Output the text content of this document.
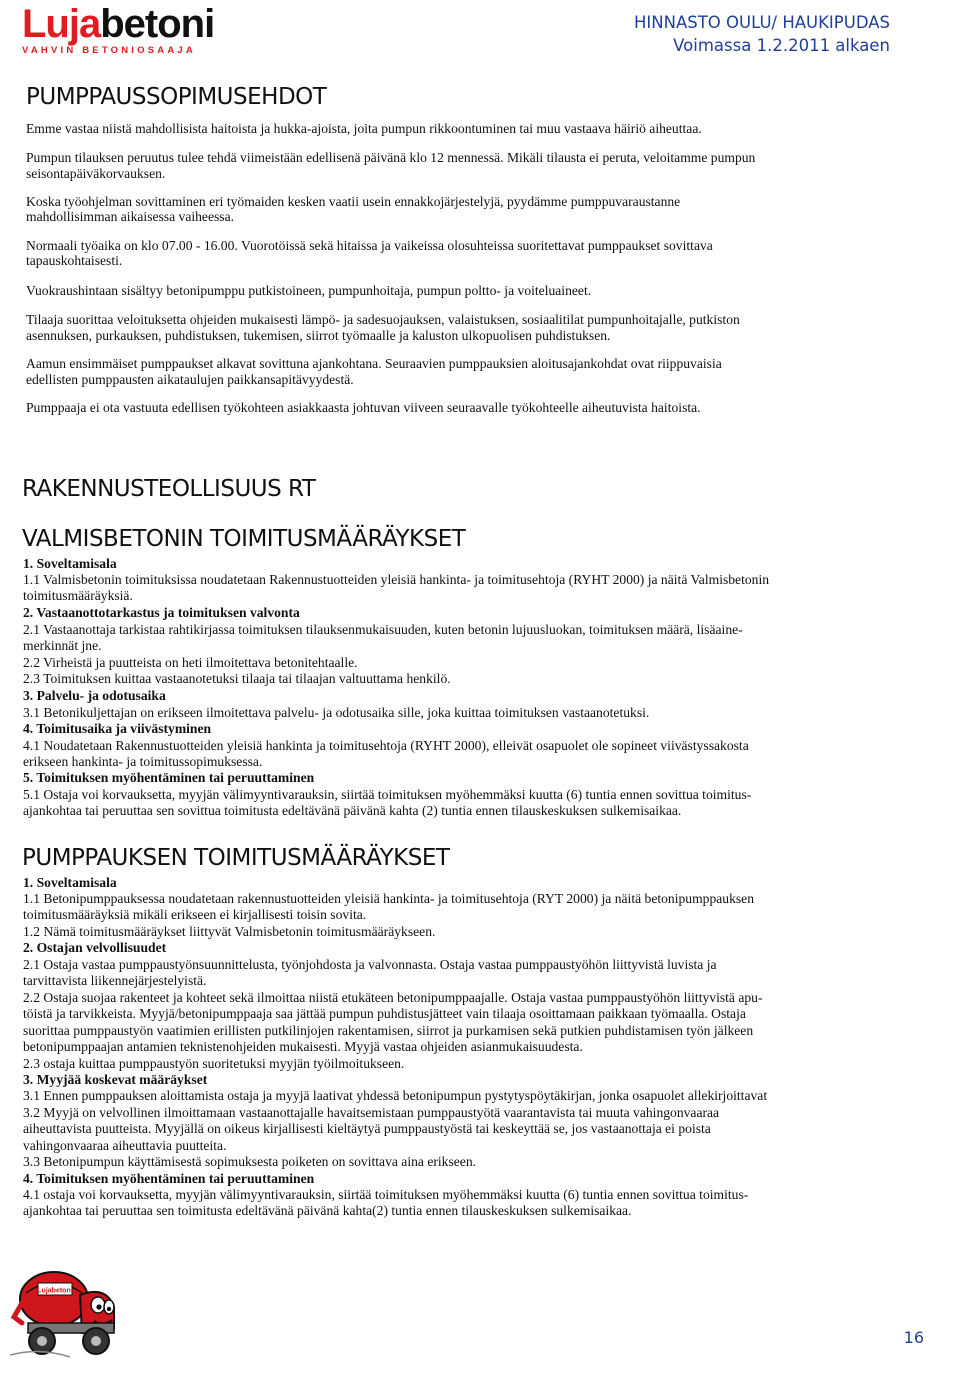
Lujabetoni
VAHVIN BETONIOSAAJA
HINNASTO OULU/ HAUKIPUDAS
Voimassa 1.2.2011 alkaen
PUMPPAUSSOPIMUSEHDOT
Emme vastaa niistä mahdollisista haitoista ja hukka-ajoista, joita pumpun rikkoontuminen tai muu vastaava häiriö aiheuttaa.
Pumpun tilauksen peruutus tulee tehdä viimeistään edellisenä päivänä klo 12 mennessä. Mikäli tilausta ei peruta, veloitamme pumpun
seisontapäiväkorvauksen.
Koska työohjelman sovittaminen eri työmaiden kesken vaatii usein ennakkojärjestelyjä, pyydämme pumppuvaraustanne
mahdollisimman aikaisessa vaiheessa.
Normaali työaika on klo 07.00 - 16.00. Vuorotöissä sekä hitaissa ja vaikeissa olosuhteissa suoritettavat pumppaukset sovittava
tapauskohtaisesti.
Vuokraushintaan sisältyy betonipumppu putkistoineen, pumpunhoitaja, pumpun poltto- ja voiteluaineet.
Tilaaja suorittaa veloituksetta ohjeiden mukaisesti lämpö- ja sadesuojauksen, valaistuksen, sosiaalitilat pumpunhoitajalle, putkiston
asennuksen, purkauksen, puhdistuksen, tukemisen, siirrot työmaalle ja kaluston ulkopuolisen puhdistuksen.
Aamun ensimmäiset pumppaukset alkavat sovittuna ajankohtana. Seuraavien pumppauksien aloitusajankohdat ovat riippuvaisia
edellisten pumppausten aikataulujen paikkansapitävyydestä.
Pumppaaja ei ota vastuuta edellisen työkohteen asiakkaasta johtuvan viiveen seuraavalle työkohteelle aiheutuvista haitoista.
RAKENNUSTEOLLISUUS RT
VALMISBETONIN TOIMITUSMÄÄRÄYKSET
1. Soveltamisala
1.1 Valmisbetonin toimituksissa noudatetaan Rakennustuotteiden yleisiä hankinta- ja toimitusehtoja (RYHT 2000) ja näitä Valmisbetonin
toimitusmääräyksiä.
2. Vastaanottotarkastus ja toimituksen valvonta
2.1 Vastaanottaja tarkistaa rahtikirjassa toimituksen tilauksenmukaisuuden, kuten betonin lujuusluokan, toimituksen määrä, lisäaine-
merkinnät jne.
2.2 Virheistä ja puutteista on heti ilmoitettava betonitehtaalle.
2.3 Toimituksen kuittaa vastaanotetuksi tilaaja tai tilaajan valtuuttama henkilö.
3. Palvelu- ja odotusaika
3.1 Betonikuljettajan on erikseen ilmoitettava palvelu- ja odotusaika sille, joka kuittaa toimituksen vastaanotetuksi.
4. Toimitusaika ja viivästyminen
4.1 Noudatetaan Rakennustuotteiden yleisiä hankinta ja toimitusehtoja (RYHT 2000), elleivät osapuolet ole sopineet viivästyssakosta
erikseen hankinta- ja toimitussopimuksessa.
5. Toimituksen myöhentäminen tai peruuttaminen
5.1 Ostaja voi korvauksetta, myyjän välimyyntivarauksin, siirtää toimituksen myöhemmäksi kuutta (6) tuntia ennen sovittua toimitus-
ajankohtaa tai peruuttaa sen sovittua toimitusta edeltävänä päivänä kahta (2) tuntia ennen tilauskeskuksen sulkemisaikaa.
PUMPPAUKSEN TOIMITUSMÄÄRÄYKSET
1. Soveltamisala
1.1 Betonipumppauksessa noudatetaan rakennustuotteiden yleisiä hankinta- ja toimitusehtoja (RYT 2000) ja näitä betonipumppauksen
toimitusmääräyksiä mikäli erikseen ei kirjallisesti toisin sovita.
1.2 Nämä toimitusmääräykset liittyvät Valmisbetonin toimitusmääräykseen.
2. Ostajan velvollisuudet
2.1 Ostaja vastaa pumppaustyönsuunnittelusta, työnjohdosta ja valvonnasta. Ostaja vastaa pumppaustyöhön liittyvistä luvista ja
tarvittavista liikennejärjestelyistä.
2.2 Ostaja suojaa rakenteet ja kohteet sekä ilmoittaa niistä etukäteen betonipumppaajalle. Ostaja vastaa pumppaustyöhön liittyvistä apu-
töistä ja tarvikkeista. Myyjä/betonipumppaaja saa jättää pumpun puhdistusjätteet vain tilaaja osoittamaan paikkaan työmaalla. Ostaja
suorittaa pumppaustyön vaatimien erillisten putkilinjojen rakentamisen, siirrot ja purkamisen sekä putkien puhdistamisen työn jälkeen
betonipumppaajan antamien teknistenohjeiden mukaisesti. Myyjä vastaa ohjeiden asianmukaisuudesta.
2.3 ostaja kuittaa pumppaustyön suoritetuksi myyjän työilmoitukseen.
3. Myyjää koskevat määräykset
3.1 Ennen pumppauksen aloittamista ostaja ja myyjä laativat yhdessä betonipumpun pystytyspöytäkirjan, jonka osapuolet allekirjoittavat
3.2 Myyjä on velvollinen ilmoittamaan vastaanottajalle havaitsemistaan pumppaustyötä vaarantavista tai muuta vahingonvaaraa
aiheuttavista puutteista. Myyjällä on oikeus kirjallisesti kieltäytyä pumppaustyöstä tai keskeyttää se, jos vastaanottaja ei poista
vahingonvaaraa aiheuttavia puutteita.
3.3 Betonipumpun käyttämisestä sopimuksesta poiketen on sovittava aina erikseen.
4. Toimituksen myöhentäminen tai peruuttaminen
4.1 ostaja voi korvauksetta, myyjän välimyyntivarauksin, siirtää toimituksen myöhemmäksi kuutta (6) tuntia ennen sovittua toimitus-
ajankohtaa tai peruuttaa sen toimitusta edeltävänä päivänä kahta(2) tuntia ennen tilauskeskuksen sulkemisaikaa.
Lujabetoni
16
